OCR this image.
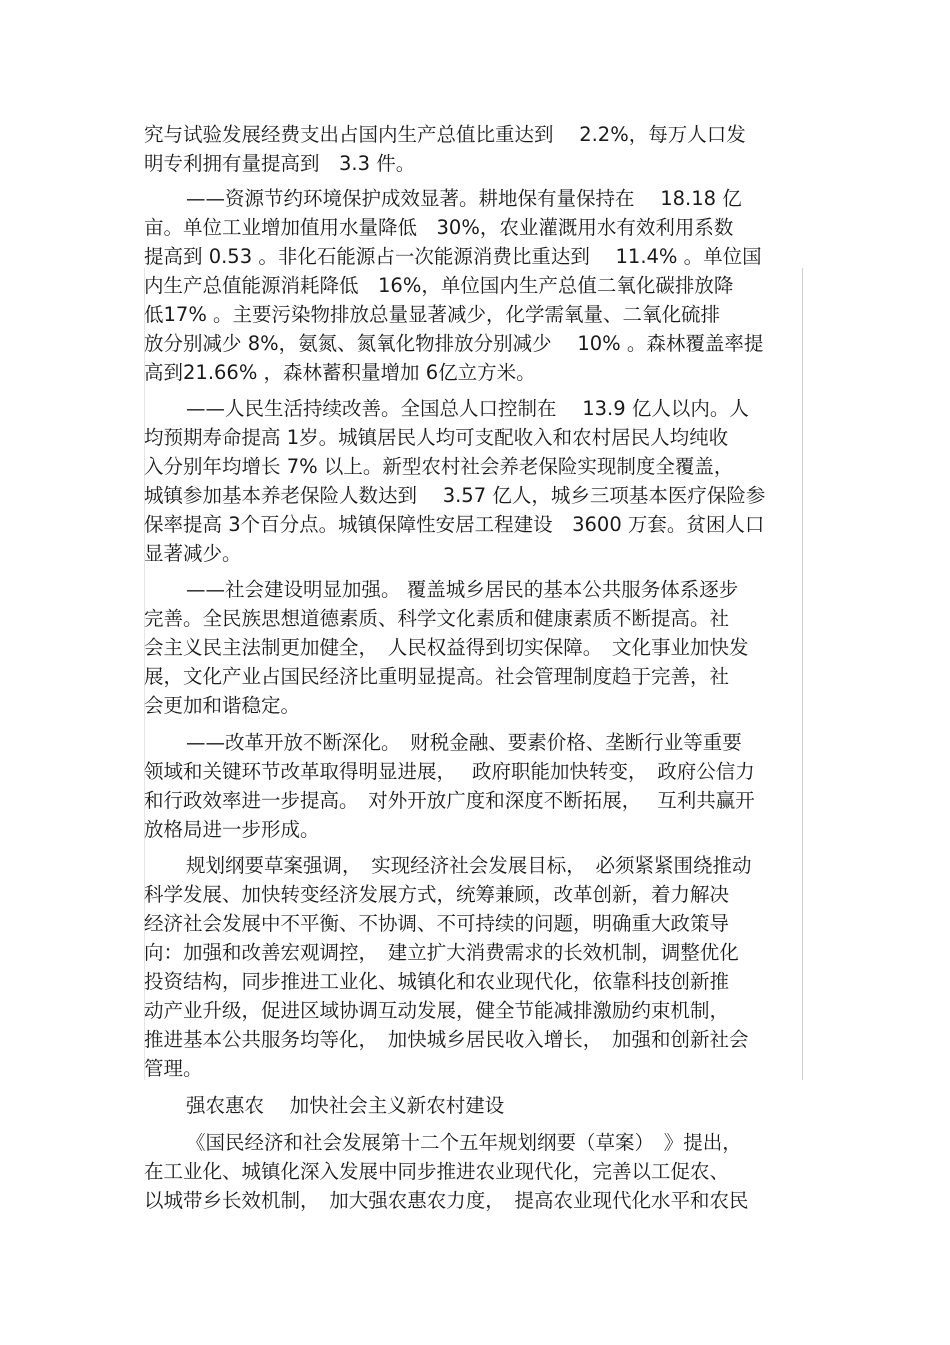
究与试验发展经费支出占国内生产总值比重达到　 2.2%，每万人口发
明专利拥有量提高到　3.3 件。
——资源节约环境保护成效显著。耕地保有量保持在　 18.18 亿
亩。单位工业增加值用水量降低　30%，农业灌溉用水有效利用系数
提高到 0.53 。非化石能源占一次能源消费比重达到　 11.4% 。单位国
内生产总值能源消耗降低　16%，单位国内生产总值二氧化碳排放降
低17% 。主要污染物排放总量显著减少，化学需氧量、二氧化硫排
放分别减少 8%，氨氮、氮氧化物排放分别减少　 10% 。森林覆盖率提
高到21.66% ，森林蓄积量增加 6亿立方米。
——人民生活持续改善。全国总人口控制在　 13.9 亿人以内。人
均预期寿命提高 1岁。城镇居民人均可支配收入和农村居民人均纯收
入分别年均增长 7% 以上。新型农村社会养老保险实现制度全覆盖，
城镇参加基本养老保险人数达到　 3.57 亿人，城乡三项基本医疗保险参
保率提高 3个百分点。城镇保障性安居工程建设　3600 万套。贫困人口
显著减少。
——社会建设明显加强。 覆盖城乡居民的基本公共服务体系逐步
完善。全民族思想道德素质、科学文化素质和健康素质不断提高。社
会主义民主法制更加健全，　人民权益得到切实保障。　文化事业加快发
展，文化产业占国民经济比重明显提高。社会管理制度趋于完善，社
会更加和谐稳定。
——改革开放不断深化。　财税金融、要素价格、垄断行业等重要
领域和关键环节改革取得明显进展，　 政府职能加快转变，　政府公信力
和行政效率进一步提高。　对外开放广度和深度不断拓展，　 互利共赢开
放格局进一步形成。
规划纲要草案强调，　实现经济社会发展目标，　必须紧紧围绕推动
科学发展、加快转变经济发展方式，统筹兼顾，改革创新，着力解决
经济社会发展中不平衡、不协调、不可持续的问题，明确重大政策导
向：加强和改善宏观调控，　建立扩大消费需求的长效机制，调整优化
投资结构，同步推进工业化、城镇化和农业现代化，依靠科技创新推
动产业升级，促进区域协调互动发展，健全节能减排激励约束机制，
推进基本公共服务均等化，　加快城乡居民收入增长，　加强和创新社会
管理。
强农惠农　 加快社会主义新农村建设
《国民经济和社会发展第十二个五年规划纲要（草案）　》提出，
在工业化、城镇化深入发展中同步推进农业现代化，完善以工促农、
以城带乡长效机制，　加大强农惠农力度，　提高农业现代化水平和农民
